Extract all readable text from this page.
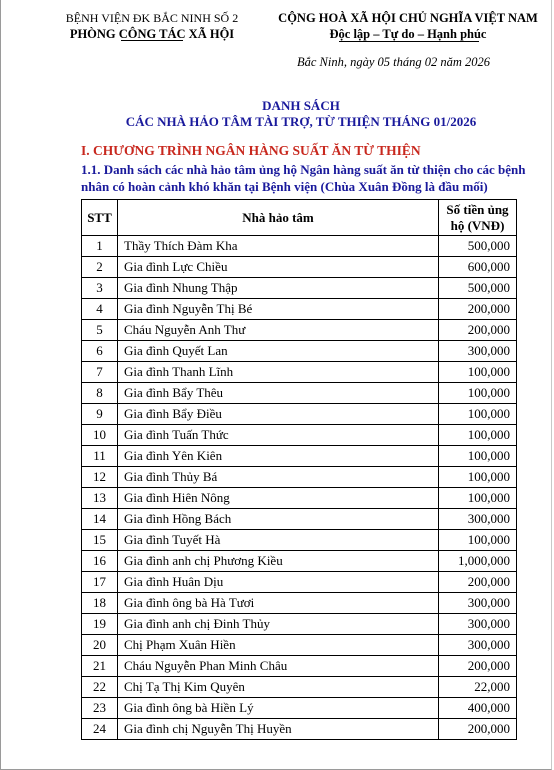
BỆNH VIỆN ĐK BẮC NINH SỐ 2
PHÒNG CÔNG TÁC XÃ HỘI
CỘNG HOÀ XÃ HỘI CHỦ NGHĨA VIỆT NAM
Độc lập – Tự do – Hạnh phúc
Bắc Ninh, ngày 05 tháng 02 năm 2026
DANH SÁCH
CÁC NHÀ HẢO TÂM TÀI TRỢ, TỪ THIỆN THÁNG 01/2026
I. CHƯƠNG TRÌNH NGÂN HÀNG SUẤT ĂN TỪ THIỆN
1.1. Danh sách các nhà hảo tâm ủng hộ Ngân hàng suất ăn từ thiện cho các bệnh nhân có hoàn cảnh khó khăn tại Bệnh viện (Chùa Xuân Đồng là đầu mối)
STT	Nhà hảo tâm	Số tiền ủng hộ (VNĐ)
1	Thầy Thích Đàm Kha	500,000
2	Gia đình Lực Chiều	600,000
3	Gia đình Nhung Thập	500,000
4	Gia đình Nguyễn Thị Bé	200,000
5	Cháu Nguyễn Anh Thư	200,000
6	Gia đình Quyết Lan	300,000
7	Gia đình Thanh Lĩnh	100,000
8	Gia đình Bẩy Thêu	100,000
9	Gia đình Bẩy Điều	100,000
10	Gia đình Tuấn Thức	100,000
11	Gia đình Yên Kiên	100,000
12	Gia đình Thủy Bá	100,000
13	Gia đình Hiên Nông	100,000
14	Gia đình Hồng Bách	300,000
15	Gia đình Tuyết Hà	100,000
16	Gia đình anh chị Phương Kiều	1,000,000
17	Gia đình Huân Dịu	200,000
18	Gia đình ông bà Hà Tươi	300,000
19	Gia đình anh chị Đinh Thủy	300,000
20	Chị Phạm Xuân Hiền	300,000
21	Cháu Nguyễn Phan Minh Châu	200,000
22	Chị Tạ Thị Kim Quyên	22,000
23	Gia đình ông bà Hiền Lý	400,000
24	Gia đình chị Nguyễn Thị Huyền	200,000
